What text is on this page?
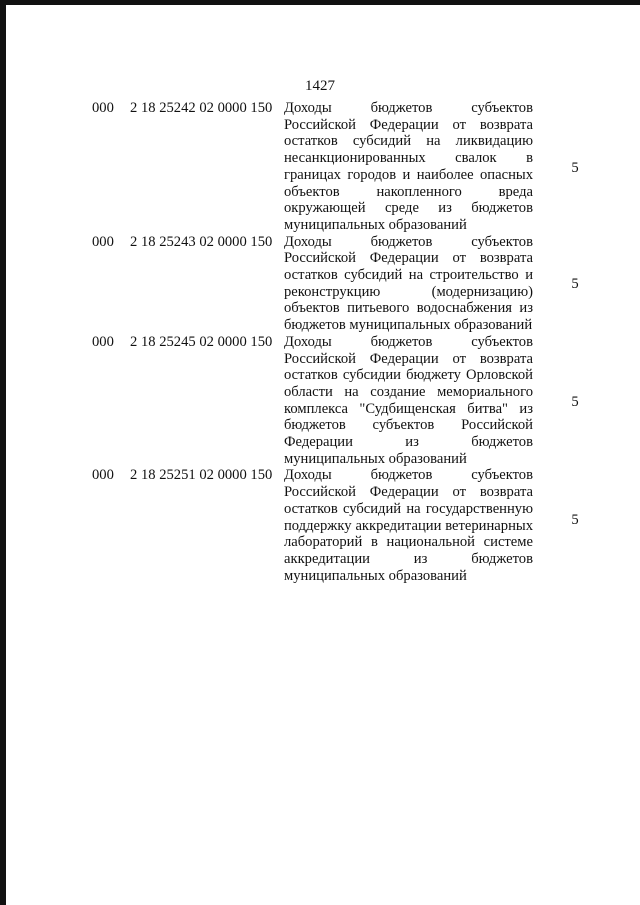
1427
000	2 18 25242 02 0000 150 Доходы бюджетов субъектов
Российской Федерации от возврата
остатков субсидий на ликвидацию
несанкционированных свалок в
границах городов и наиболее опасных
объектов накопленного вреда
окружающей среде из бюджетов
муниципальных образований
5
000	2 18 25243 02 0000 150 Доходы бюджетов субъектов
Российской Федерации от возврата
остатков субсидий на строительство и
реконструкцию (модернизацию)
объектов питьевого водоснабжения из
бюджетов муниципальных образований
5
000	2 18 25245 02 0000 150 Доходы бюджетов субъектов
Российской Федерации от возврата
остатков субсидии бюджету Орловской
области на создание мемориального
комплекса "Судбищенская битва" из
бюджетов субъектов Российской
Федерации из бюджетов
муниципальных образований
5
000	2 18 25251 02 0000 150 Доходы бюджетов субъектов
Российской Федерации от возврата
остатков субсидий на государственную
поддержку аккредитации ветеринарных
лабораторий в национальной системе
аккредитации из бюджетов
муниципальных образований
5
